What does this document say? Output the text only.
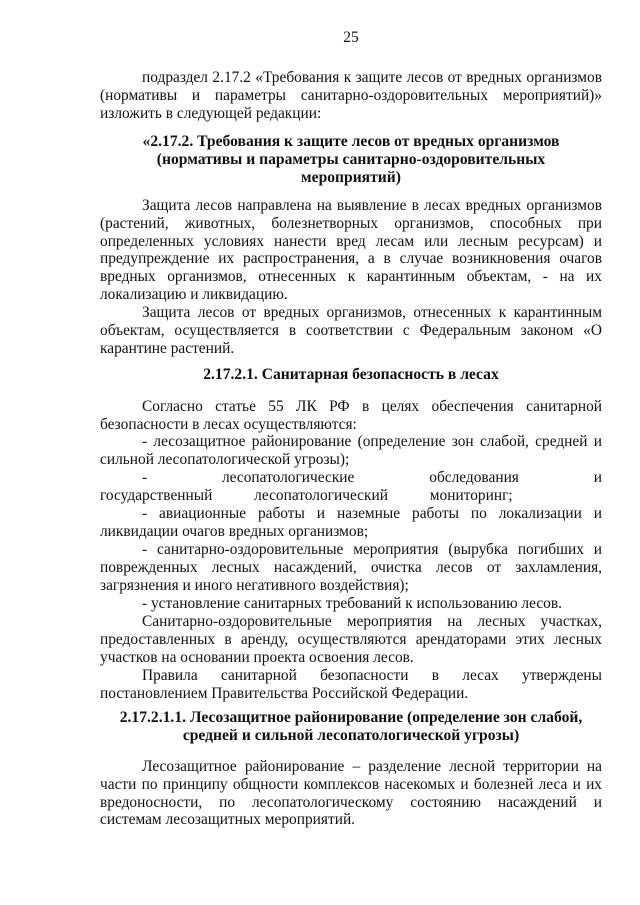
25
подраздел 2.17.2 «Требования к защите лесов от вредных организмов
(нормативы и параметры санитарно-оздоровительных мероприятий)»
изложить в следующей редакции:
«2.17.2. Требования к защите лесов от вредных организмов
(нормативы и параметры санитарно-оздоровительных
мероприятий)

Защита лесов направлена на выявление в лесах вредных организмов (растений, животных, болезнетворных организмов, способных при определенных условиях нанести вред лесам или лесным ресурсам) и предупреждение их распространения, а в случае возникновения очагов вредных организмов, отнесенных к карантинным объектам, - на их локализацию и ликвидацию.

Защита лесов от вредных организмов, отнесенных к карантинным объектам, осуществляется в соответствии с Федеральным законом «О карантине растений.

2.17.2.1. Санитарная безопасность в лесах

Согласно статье 55 ЛК РФ в целях обеспечения санитарной безопасности в лесах осуществляются:

- лесозащитное районирование (определение зон слабой, средней и сильной лесопатологической угрозы);

- лесопатологические обследования и государственный лесопатологический мониторинг;

- авиационные работы и наземные работы по локализации и ликвидации очагов вредных организмов;

- санитарно-оздоровительные мероприятия (вырубка погибших и поврежденных лесных насаждений, очистка лесов от захламления, загрязнения и иного негативного воздействия);

- установление санитарных требований к использованию лесов.

Санитарно-оздоровительные мероприятия на лесных участках, предоставленных в аренду, осуществляются арендаторами этих лесных участков на основании проекта освоения лесов.

Правила санитарной безопасности в лесах утверждены постановлением Правительства Российской Федерации.

2.17.2.1.1. Лесозащитное районирование (определение зон слабой,
средней и сильной лесопатологической угрозы)

Лесозащитное районирование – разделение лесной территории на части по принципу общности комплексов насекомых и болезней леса и их вредоносности, по лесопатологическому состоянию насаждений и системам лесозащитных мероприятий.
